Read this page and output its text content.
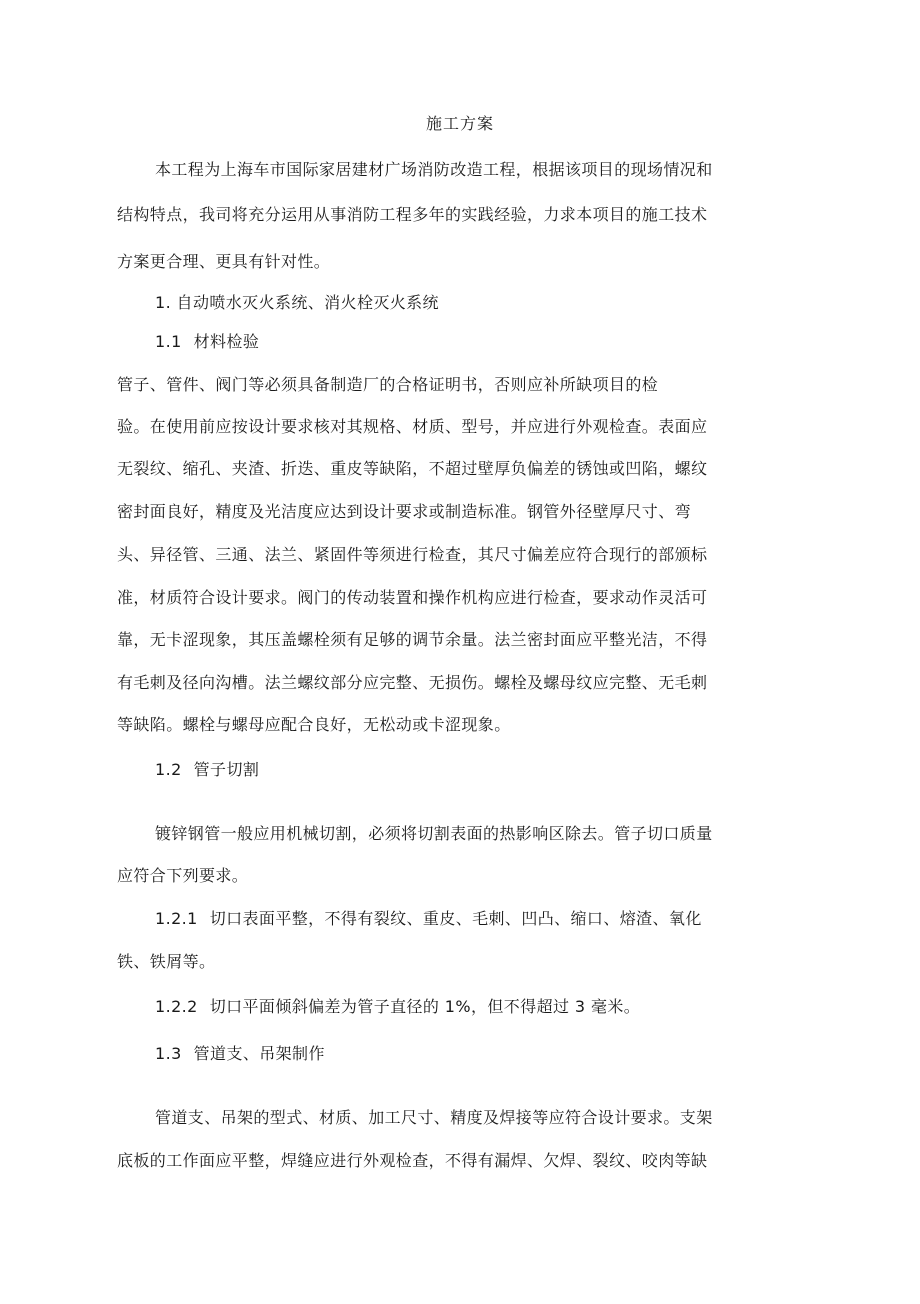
施工方案

本工程为上海车市国际家居建材广场消防改造工程，根据该项目的现场情况和

结构特点，我司将充分运用从事消防工程多年的实践经验，力求本项目的施工技术

方案更合理、更具有针对性。

1. 自动喷水灭火系统、消火栓灭火系统

1.1 材料检验

管子、管件、阀门等必须具备制造厂的合格证明书，否则应补所缺项目的检

验。在使用前应按设计要求核对其规格、材质、型号，并应进行外观检查。表面应

无裂纹、缩孔、夹渣、折迭、重皮等缺陷，不超过壁厚负偏差的锈蚀或凹陷，螺纹

密封面良好，精度及光洁度应达到设计要求或制造标准。钢管外径壁厚尺寸、弯

头、异径管、三通、法兰、紧固件等须进行检查，其尺寸偏差应符合现行的部颁标

准，材质符合设计要求。阀门的传动装置和操作机构应进行检查，要求动作灵活可

靠，无卡涩现象，其压盖螺栓须有足够的调节余量。法兰密封面应平整光洁，不得

有毛刺及径向沟槽。法兰螺纹部分应完整、无损伤。螺栓及螺母纹应完整、无毛刺

等缺陷。螺栓与螺母应配合良好，无松动或卡涩现象。

1.2 管子切割

镀锌钢管一般应用机械切割，必须将切割表面的热影响区除去。管子切口质量

应符合下列要求。

1.2.1 切口表面平整，不得有裂纹、重皮、毛刺、凹凸、缩口、熔渣、氧化

铁、铁屑等。

1.2.2 切口平面倾斜偏差为管子直径的 1%，但不得超过 3 毫米。

1.3 管道支、吊架制作

管道支、吊架的型式、材质、加工尺寸、精度及焊接等应符合设计要求。支架

底板的工作面应平整，焊缝应进行外观检查，不得有漏焊、欠焊、裂纹、咬肉等缺
